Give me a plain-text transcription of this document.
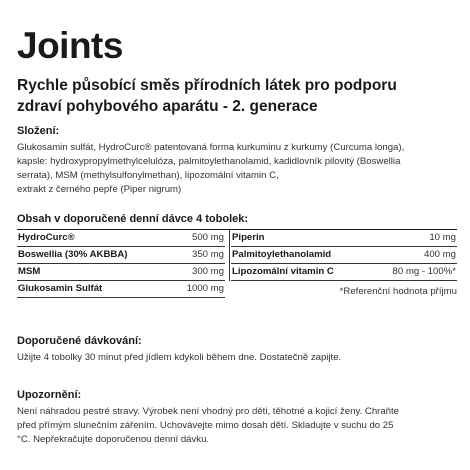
Joints
Rychle působící směs přírodních látek pro podporu
zdraví pohybového aparátu - 2. generace
Složení:
Glukosamin sulfát, HydroCurc® patentovaná forma kurkuminu z kurkumy (Curcuma longa),
kapsle: hydroxypropylmethylcelulóza, palmitoylethanolamid, kadidlovník pilovitý (Boswellia
serrata), MSM (methylsulfonylmethan), lipozomální vitamin C,
extrakt z černého pepře (Piper nigrum)
Obsah v doporučené denní dávce 4 tobolek:
HydroCurc®	500 mg
Boswellia (30% AKBBA)	350 mg
MSM	300 mg
Glukosamin Sulfát	1000 mg
Piperin	10 mg
Palmitoylethanolamid	400 mg
Lipozomální vitamin C	80 mg - 100%*
*Referenční hodnota příjmu
Doporučené dávkování:
Užijte 4 tobolky 30 minut před jídlem kdykoli během dne. Dostatečně zapijte.
Upozornění:
Není náhradou pestré stravy. Výrobek není vhodný pro děti, těhotné a kojicí ženy. Chraňte
před přímým slunečním zářením. Uchovávejte mimo dosah dětí. Skladujte v suchu do 25
°C. Nepřekračujte doporučenou denní dávku.
